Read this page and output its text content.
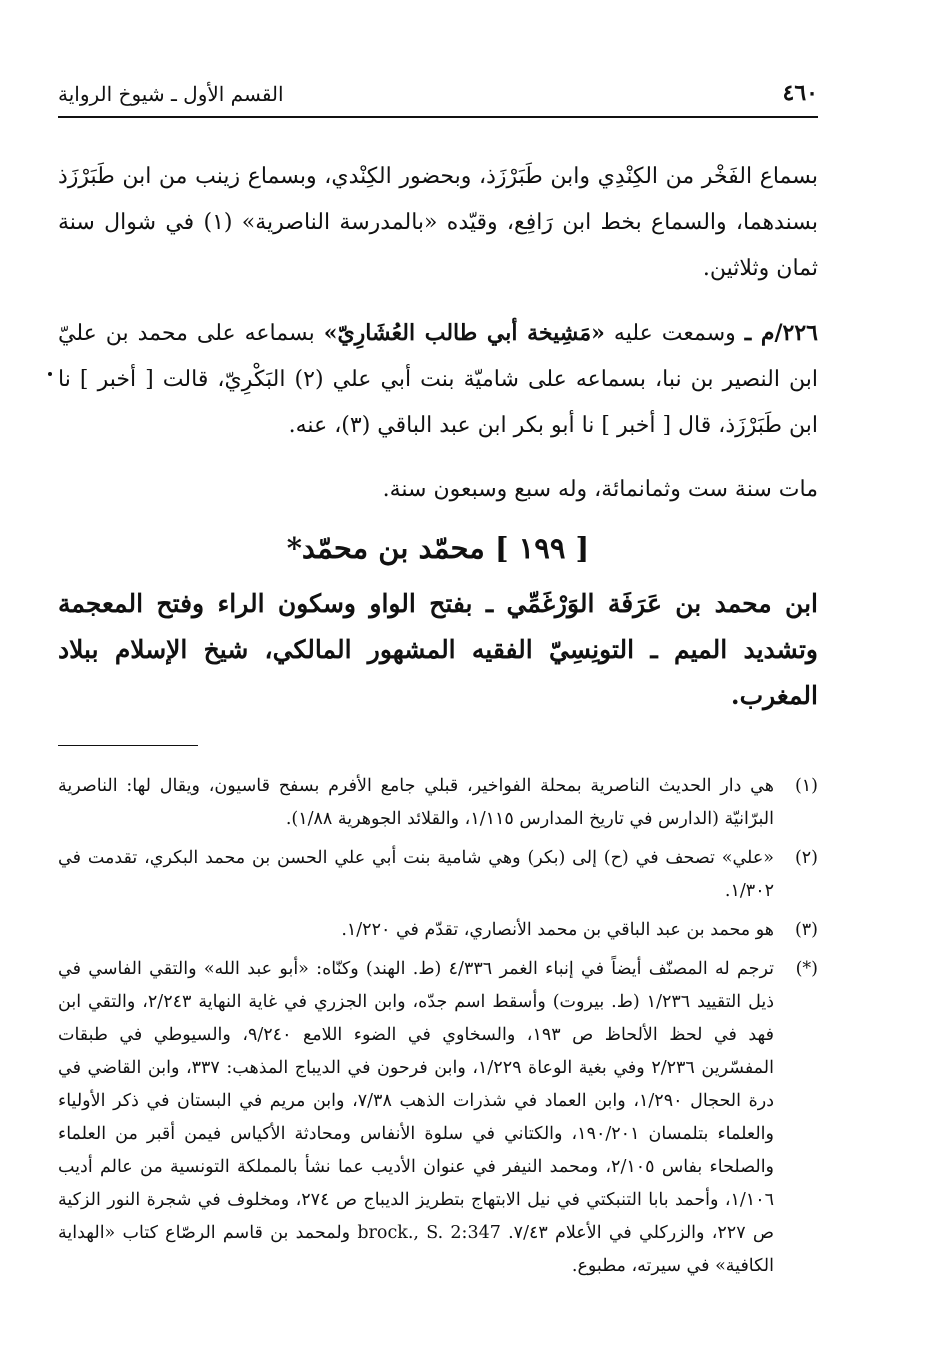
٤٦٠
القسم الأول ـ شيوخ الرواية

بسماع الفَخْر من الكِنْدِي وابن طَبَرْزَذ، وبحضور الكِنْدي، وبسماع زينب من ابن طَبَرْزَذ بسندهما، والسماع بخط ابن رَافِع، وقيّده «بالمدرسة الناصرية» (١) في شوال سنة ثمان وثلاثين.

٢٢٦/م ـ وسمعت عليه «مَشِيخة أبي طالب العُشَارِيّ» بسماعه على محمد بن عليّ ابن النصير بن نبا، بسماعه على شاميّة بنت أبي علي (٢) البَكْرِيّ، قالت [ أخبر ] نا ابن طَبَرْزَذ، قال [ أخبر ] نا أبو بكر ابن عبد الباقي (٣)، عنه.

مات سنة ست وثمانمائة، وله سبع وسبعون سنة.

[ ١٩٩ ] محمّد بن محمّد*

ابن محمد بن عَرَفَة الوَرْغَمِّي ـ بفتح الواو وسكون الراء وفتح المعجمة وتشديد الميم ـ التونِسِيّ الفقيه المشهور المالكي، شيخ الإسلام ببلاد المغرب.

(١)
هي دار الحديث الناصرية بمحلة الفواخير، قبلي جامع الأفرم بسفح قاسيون، ويقال لها: الناصرية البرّانيّة (الدارس في تاريخ المدارس ١/١١٥، والقلائد الجوهرية ١/٨٨).
(٢)
«علي» تصحف في (ح) إلى (بكر) وهي شامية بنت أبي علي الحسن بن محمد البكري، تقدمت في ١/٣٠٢.
(٣)
هو محمد بن عبد الباقي بن محمد الأنصاري، تقدّم في ١/٢٢٠.
(*)
ترجم له المصنّف أيضاً في إنباء الغمر ٤/٣٣٦ (ط. الهند) وكنّاه: «أبو عبد الله» والتقي الفاسي في ذيل التقييد ١/٢٣٦ (ط. بيروت) وأسقط اسم جدّه، وابن الجزري في غاية النهاية ٢/٢٤٣، والتقي ابن فهد في لحظ الألحاظ ص ١٩٣، والسخاوي في الضوء اللامع ٩/٢٤٠، والسيوطي في طبقات المفسّرين ٢/٢٣٦ وفي بغية الوعاة ١/٢٢٩، وابن فرحون في الديباج المذهب: ٣٣٧، وابن القاضي في درة الحجال ١/٢٩٠، وابن العماد في شذرات الذهب ٧/٣٨، وابن مريم في البستان في ذكر الأولياء والعلماء بتلمسان ١٩٠/٢٠١، والكتاني في سلوة الأنفاس ومحادثة الأكياس فيمن أقبر من العلماء والصلحاء بفاس ٢/١٠٥، ومحمد النيفر في عنوان الأديب عما نشأ بالمملكة التونسية من عالم أديب ١/١٠٦، وأحمد بابا التنبكتي في نيل الابتهاج بتطريز الديباج ص ٢٧٤، ومخلوف في شجرة النور الزكية ص ٢٢٧، والزركلي في الأعلام ٧/٤٣. brock., S. 2:347 ولمحمد بن قاسم الرصّاع كتاب «الهداية الكافية» في سيرته، مطبوع.
